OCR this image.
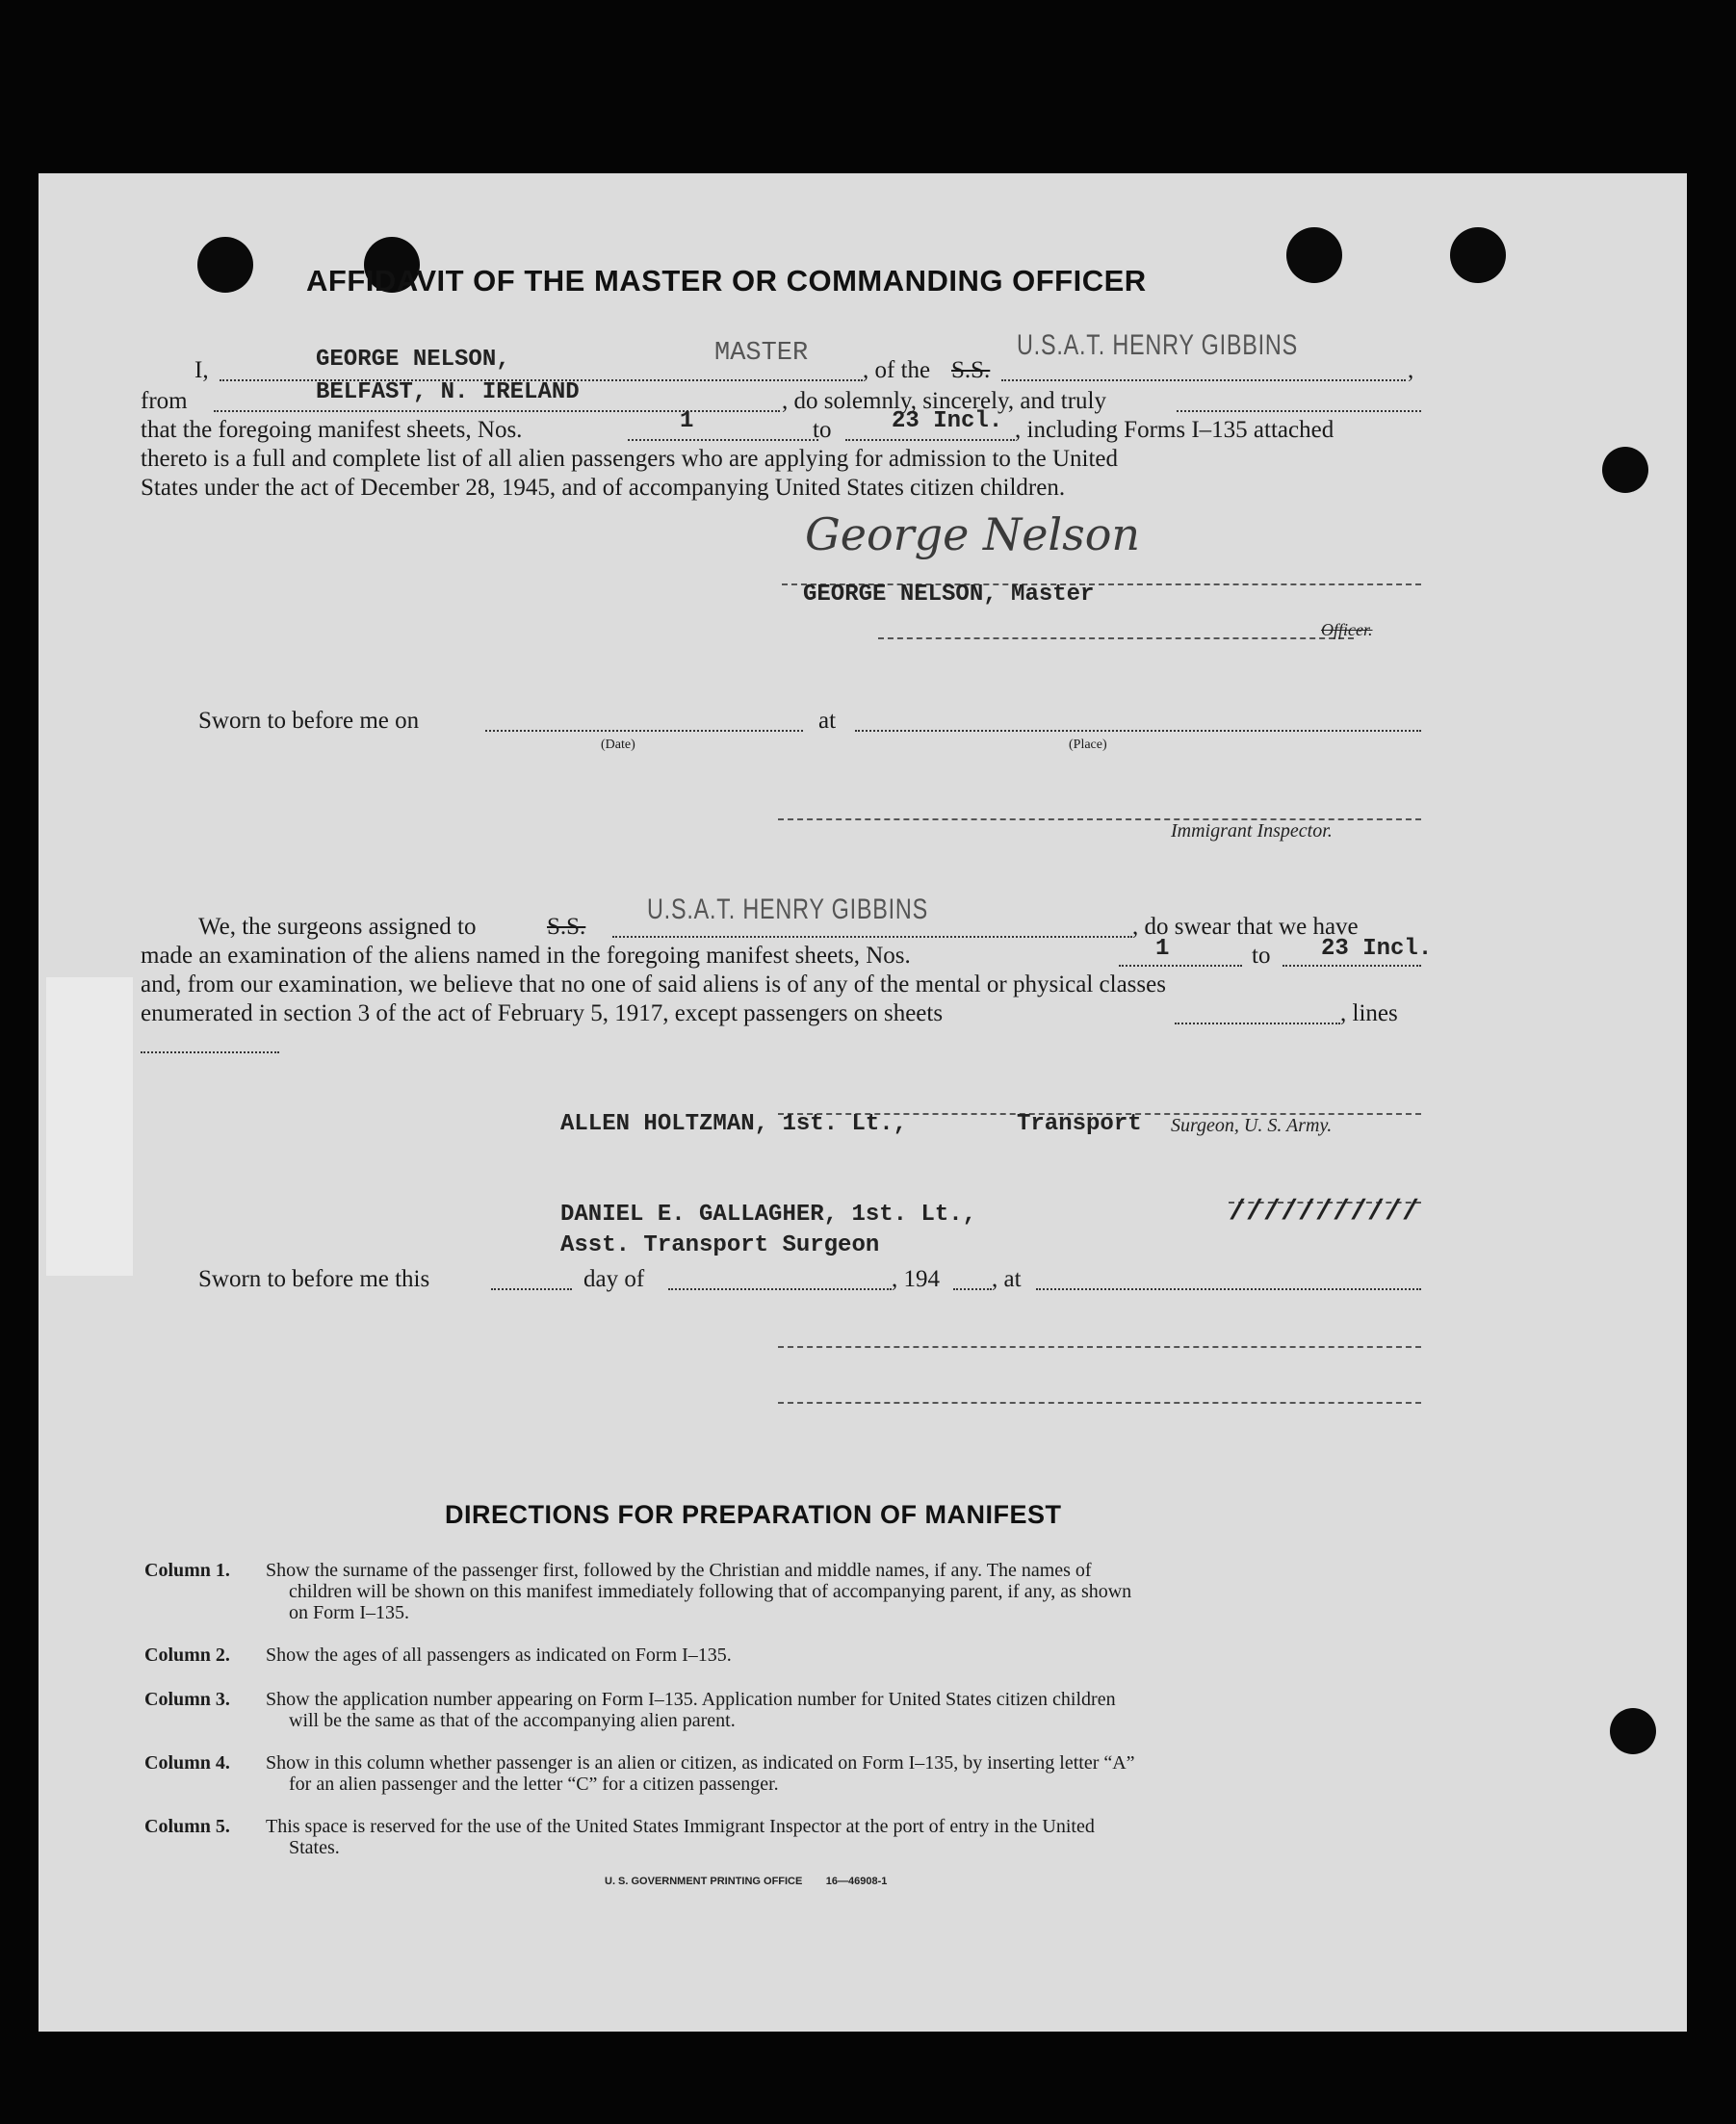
AFFIDAVIT OF THE MASTER OR COMMANDING OFFICER
I,	GEORGE NELSON,	MASTER
, of the S.S.
U.S.A.T. HENRY GIBBINS
,
from	BELFAST, N. IRELAND	, do solemnly, sincerely, and truly
that the foregoing manifest sheets, Nos.	1	to	23 Incl. , including Forms I–135 attached
thereto is a full and complete list of all alien passengers who are applying for admission to the United
States under the act of December 28, 1945, and of accompanying United States citizen children.
George Nelson
GEORGE NELSON, Master
Officer.
Sworn to before me on
(Date)
at
(Place)
Immigrant Inspector.
We, the surgeons assigned to	S.S.
U.S.A.T. HENRY GIBBINS
, do swear that we have
made an examination of the aliens named in the foregoing manifest sheets, Nos.	1	to 23 Incl.
and, from our examination, we believe that no one of said aliens is of any of the mental or physical classes
enumerated in section 3 of the act of February 5, 1917, except passengers on sheets	, lines
ALLEN HOLTZMAN, 1st. Lt.,	Transport Surgeon, U. S. Army.
DANIEL E. GALLAGHER, 1st. Lt.,
Asst. Transport Surgeon
///////////
Sworn to before me this	day of	, 194 , at
DIRECTIONS FOR PREPARATION OF MANIFEST
Column 1. Show the surname of the passenger first, followed by the Christian and middle names, if any. The names of
children will be shown on this manifest immediately following that of accompanying parent, if any, as shown
on Form I–135.
Column 2. Show the ages of all passengers as indicated on Form I–135.
Column 3. Show the application number appearing on Form I–135. Application number for United States citizen children
will be the same as that of the accompanying alien parent.
Column 4. Show in this column whether passenger is an alien or citizen, as indicated on Form I–135, by inserting letter “A”
for an alien passenger and the letter “C” for a citizen passenger.
Column 5. This space is reserved for the use of the United States Immigrant Inspector at the port of entry in the United
States.
U. S. GOVERNMENT PRINTING OFFICE        16—46908-1
